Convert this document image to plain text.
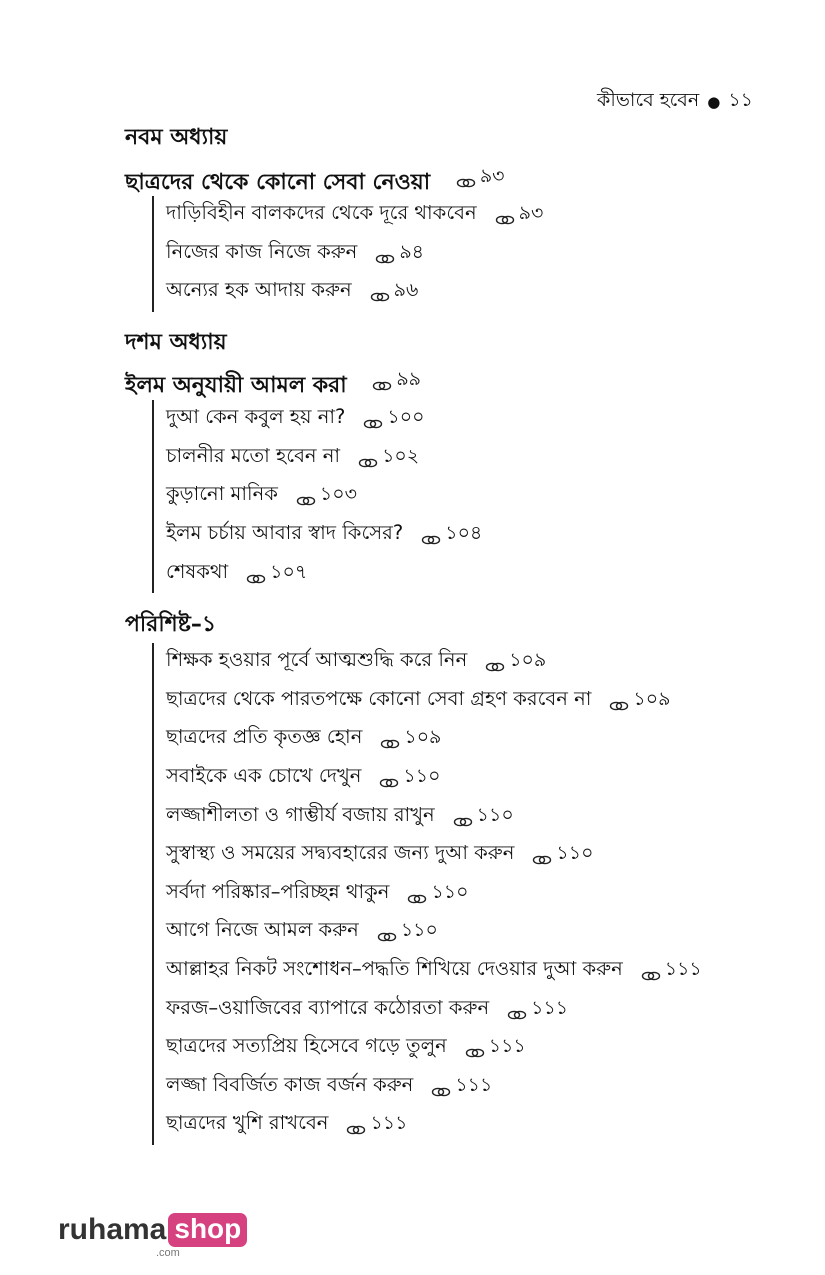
কীভাবে হবেন ● ১১
নবম অধ্যায়
ছাত্রদের থেকে কোনো সেবা নেওয়া	৯৩
দাড়িবিহীন বালকদের থেকে দূরে থাকবেন ৯৩
নিজের কাজ নিজে করুন ৯৪
অন্যের হক আদায় করুন ৯৬
দশম অধ্যায়
ইলম অনুযায়ী আমল করা	৯৯
দুআ কেন কবুল হয় না? ১০০
চালনীর মতো হবেন না ১০২
কুড়ানো মানিক ১০৩
ইলম চর্চায় আবার স্বাদ কিসের? ১০৪
শেষকথা ১০৭
পরিশিষ্ট–১
শিক্ষক হওয়ার পূর্বে আত্মশুদ্ধি করে নিন ১০৯
ছাত্রদের থেকে পারতপক্ষে কোনো সেবা গ্রহণ করবেন না ১০৯
ছাত্রদের প্রতি কৃতজ্ঞ হোন ১০৯
সবাইকে এক চোখে দেখুন ১১০
লজ্জাশীলতা ও গাম্ভীর্য বজায় রাখুন ১১০
সুস্বাস্থ্য ও সময়ের সদ্ব্যবহারের জন্য দুআ করুন ১১০
সর্বদা পরিষ্কার–পরিচ্ছন্ন থাকুন ১১০
আগে নিজে আমল করুন ১১০
আল্লাহর নিকট সংশোধন–পদ্ধতি শিখিয়ে দেওয়ার দুআ করুন ১১১
ফরজ–ওয়াজিবের ব্যাপারে কঠোরতা করুন ১১১
ছাত্রদের সত্যপ্রিয় হিসেবে গড়ে তুলুন ১১১
লজ্জা বিবর্জিত কাজ বর্জন করুন ১১১
ছাত্রদের খুশি রাখবেন ১১১
ruhama shop
.com
